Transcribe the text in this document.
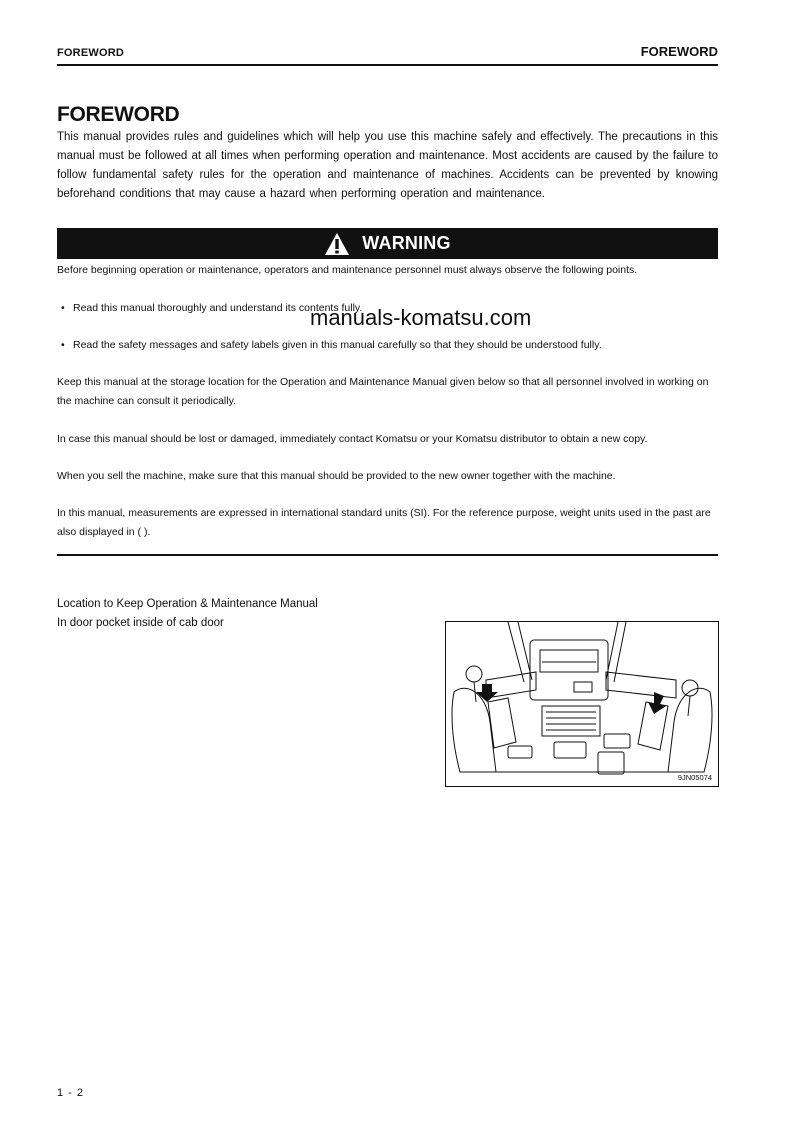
FOREWORD	FOREWORD
FOREWORD
This manual provides rules and guidelines which will help you use this machine safely and effectively. The precautions in this manual must be followed at all times when performing operation and maintenance. Most accidents are caused by the failure to follow fundamental safety rules for the operation and maintenance of machines. Accidents can be prevented by knowing beforehand conditions that may cause a hazard when performing operation and maintenance.
WARNING
Before beginning operation or maintenance, operators and maintenance personnel must always observe the following points.
• Read this manual thoroughly and understand its contents fully.
• Read the safety messages and safety labels given in this manual carefully so that they should be understood fully.
manuals-komatsu.com
Keep this manual at the storage location for the Operation and Maintenance Manual given below so that all personnel involved in working on the machine can consult it periodically.
In case this manual should be lost or damaged, immediately contact Komatsu or your Komatsu distributor to obtain a new copy.
When you sell the machine, make sure that this manual should be provided to the new owner together with the machine.
In this manual, measurements are expressed in international standard units (SI). For the reference purpose, weight units used in the past are also displayed in ( ).
Location to Keep Operation & Maintenance Manual
In door pocket inside of cab door
9JN05074
1 - 2
